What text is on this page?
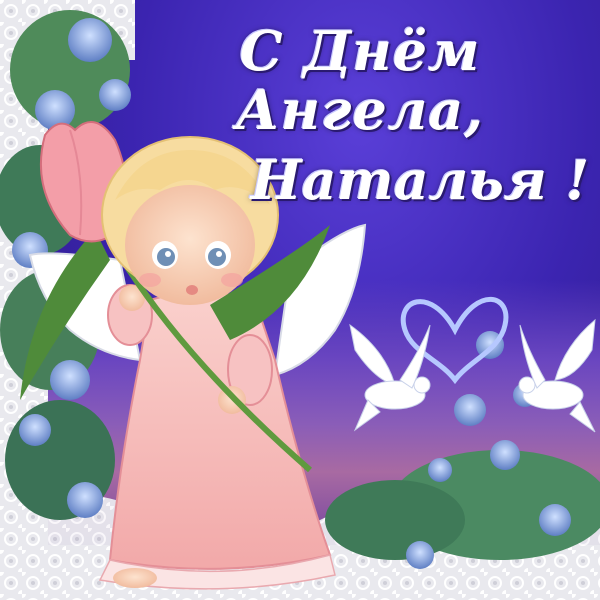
С Днём Ангела,
Наталья !
